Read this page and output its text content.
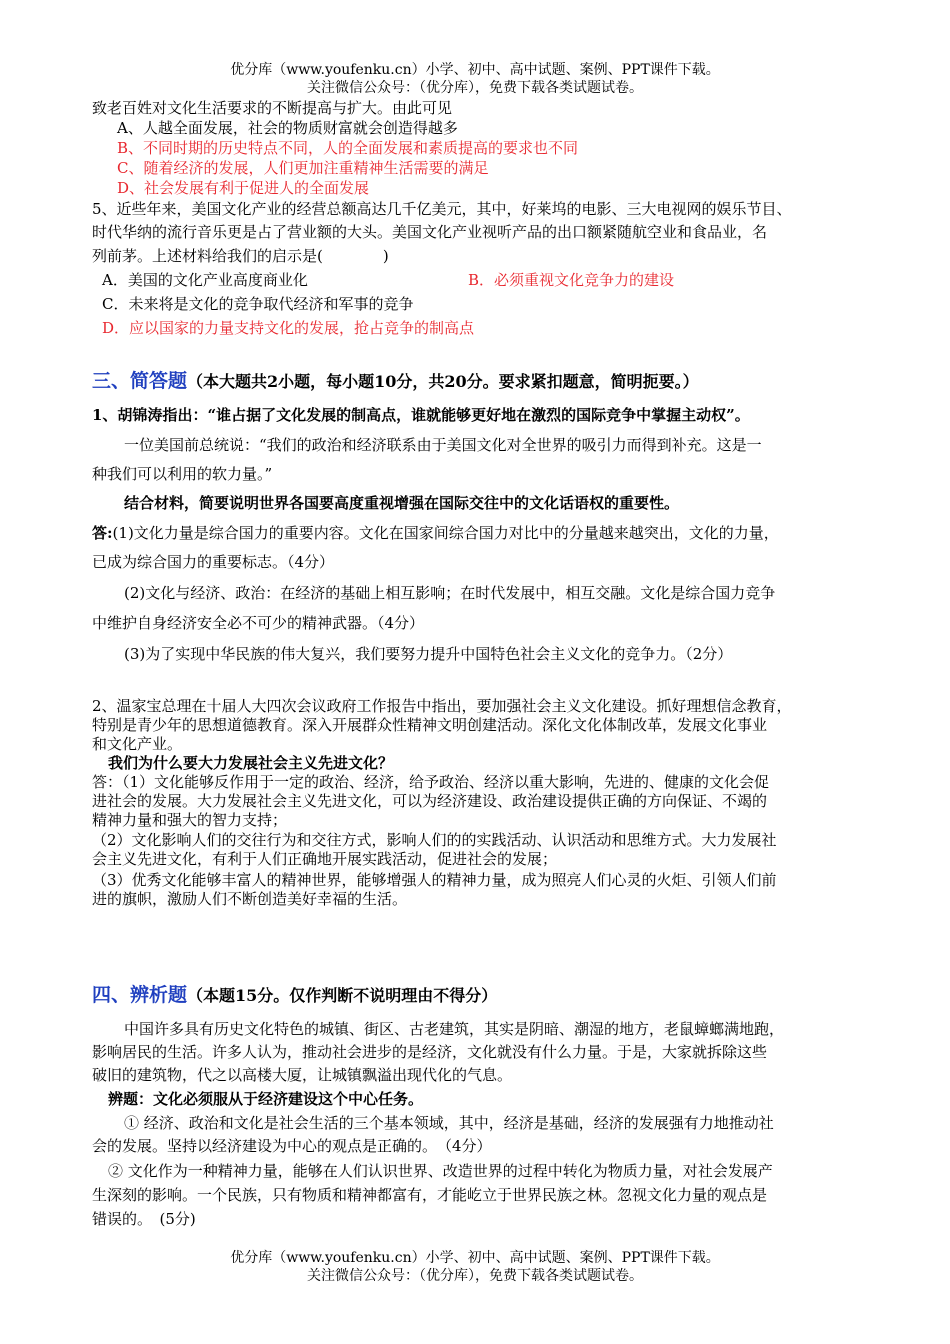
优分库（www.youfenku.cn）小学、初中、高中试题、案例、PPT课件下载。
关注微信公众号：（优分库），免费下载各类试题试卷。
致老百姓对文化生活要求的不断提高与扩大。由此可见
A、人越全面发展，社会的物质财富就会创造得越多
B、不同时期的历史特点不同，人的全面发展和素质提高的要求也不同
C、随着经济的发展，人们更加注重精神生活需要的满足
D、社会发展有利于促进人的全面发展
5、近些年来，美国文化产业的经营总额高达几千亿美元，其中，好莱坞的电影、三大电视网的娱乐节目、
时代华纳的流行音乐更是占了营业额的大头。美国文化产业视听产品的出口额紧随航空业和食品业，名
列前茅。上述材料给我们的启示是(　　　　)
A．美国的文化产业高度商业化	B．必须重视文化竞争力的建设
C．未来将是文化的竞争取代经济和军事的竞争
D．应以国家的力量支持文化的发展，抢占竞争的制高点
三、简答题（本大题共2小题，每小题10分，共20分。要求紧扣题意，简明扼要。）
1、胡锦涛指出：“谁占据了文化发展的制高点，谁就能够更好地在激烈的国际竞争中掌握主动权”。
一位美国前总统说：“我们的政治和经济联系由于美国文化对全世界的吸引力而得到补充。这是一
种我们可以利用的软力量。”
结合材料，简要说明世界各国要高度重视增强在国际交往中的文化话语权的重要性。
答:(1)文化力量是综合国力的重要内容。文化在国家间综合国力对比中的分量越来越突出，文化的力量，
已成为综合国力的重要标志。（4分）
(2)文化与经济、政治：在经济的基础上相互影响；在时代发展中，相互交融。文化是综合国力竞争
中维护自身经济安全必不可少的精神武器。（4分）
(3)为了实现中华民族的伟大复兴，我们要努力提升中国特色社会主义文化的竞争力。（2分）
2、温家宝总理在十届人大四次会议政府工作报告中指出，要加强社会主义文化建设。抓好理想信念教育，
特别是青少年的思想道德教育。深入开展群众性精神文明创建活动。深化文化体制改革，发展文化事业
和文化产业。
我们为什么要大力发展社会主义先进文化？
答：（1）文化能够反作用于一定的政治、经济，给予政治、经济以重大影响，先进的、健康的文化会促
进社会的发展。大力发展社会主义先进文化，可以为经济建设、政治建设提供正确的方向保证、不竭的
精神力量和强大的智力支持；
（2）文化影响人们的交往行为和交往方式，影响人们的的实践活动、认识活动和思维方式。大力发展社
会主义先进文化，有利于人们正确地开展实践活动，促进社会的发展；
（3）优秀文化能够丰富人的精神世界，能够增强人的精神力量，成为照亮人们心灵的火炬、引领人们前
进的旗帜，激励人们不断创造美好幸福的生活。
四、辨析题（本题15分。仅作判断不说明理由不得分）
中国许多具有历史文化特色的城镇、街区、古老建筑，其实是阴暗、潮湿的地方，老鼠蟑螂满地跑，
影响居民的生活。许多人认为，推动社会进步的是经济，文化就没有什么力量。于是，大家就拆除这些
破旧的建筑物，代之以高楼大厦，让城镇飘溢出现代化的气息。
辨题：文化必须服从于经济建设这个中心任务。
① 经济、政治和文化是社会生活的三个基本领域，其中，经济是基础，经济的发展强有力地推动社
会的发展。坚持以经济建设为中心的观点是正确的。　（4分）
② 文化作为一种精神力量，能够在人们认识世界、改造世界的过程中转化为物质力量，对社会发展产
生深刻的影响。一个民族，只有物质和精神都富有，才能屹立于世界民族之林。忽视文化力量的观点是
错误的。　(5分)
优分库（www.youfenku.cn）小学、初中、高中试题、案例、PPT课件下载。
关注微信公众号：（优分库），免费下载各类试题试卷。
